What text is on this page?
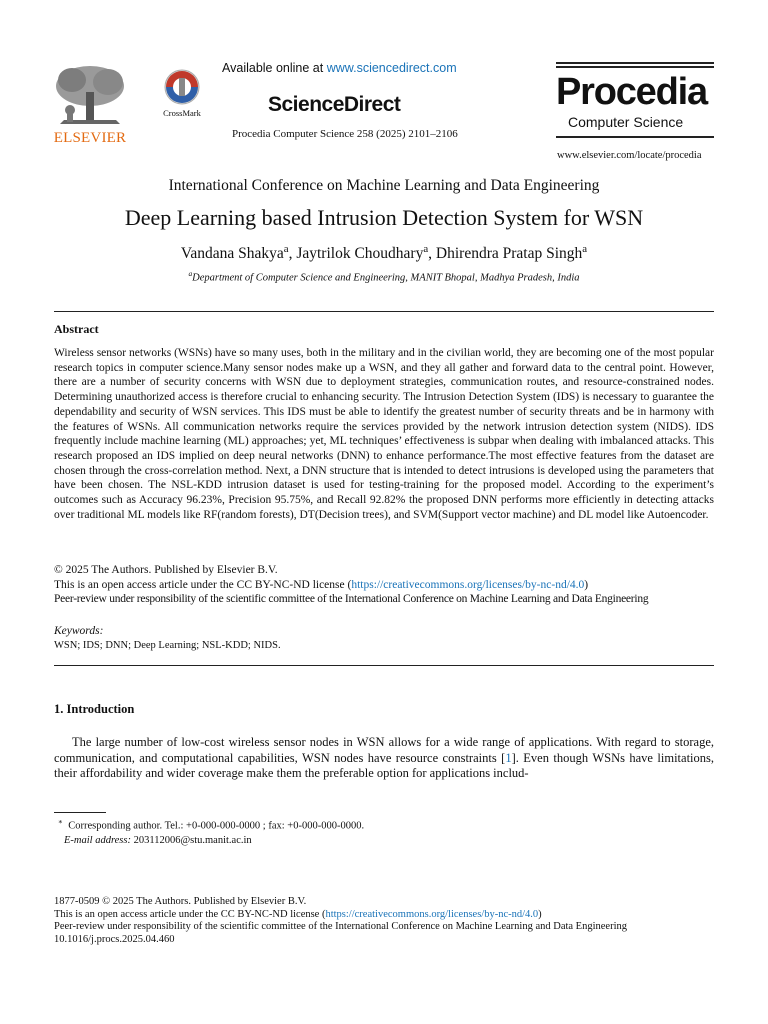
ELSEVIER
CrossMark
Available online at www.sciencedirect.com
ScienceDirect
Procedia Computer Science 258 (2025) 2101–2106
Procedia
Computer Science
www.elsevier.com/locate/procedia
International Conference on Machine Learning and Data Engineering
Deep Learning based Intrusion Detection System for WSN
Vandana Shakya$^a$, Jaytrilok Choudhary$^a$, Dhirendra Pratap Singh$^a$
$^a$Department of Computer Science and Engineering, MANIT Bhopal, Madhya Pradesh, India
Abstract
Wireless sensor networks (WSNs) have so many uses, both in the military and in the civilian world, they are becoming one of the most popular research topics in computer science.Many sensor nodes make up a WSN, and they all gather and forward data to the central point. However, there are a number of security concerns with WSN due to deployment strategies, communication routes, and resource-constrained nodes. Determining unauthorized access is therefore crucial to enhancing security. The Intrusion Detection System (IDS) is necessary to guarantee the dependability and security of WSN services. This IDS must be able to identify the greatest number of security threats and be in harmony with the features of WSNs. All communication networks require the services provided by the network intrusion detection system (NIDS). IDS frequently include machine learning (ML) approaches; yet, ML techniques’ effectiveness is subpar when dealing with imbalanced attacks. This research proposed an IDS implied on deep neural networks (DNN) to enhance performance.The most effective features from the dataset are chosen through the cross-correlation method. Next, a DNN structure that is intended to detect intrusions is developed using the parameters that have been chosen. The NSL-KDD intrusion dataset is used for testing-training for the proposed model. According to the experiment’s outcomes such as Accuracy 96.23%, Precision 95.75%, and Recall 92.82% the proposed DNN performs more efficiently in detecting attacks over traditional ML models like RF(random forests), DT(Decision trees), and SVM(Support vector machine) and DL model like Autoencoder.
© 2025 The Authors. Published by Elsevier B.V.
This is an open access article under the CC BY-NC-ND license (https://creativecommons.org/licenses/by-nc-nd/4.0)
Peer-review under responsibility of the scientific committee of the International Conference on Machine Learning and Data Engineering
Keywords:
WSN; IDS; DNN; Deep Learning; NSL-KDD; NIDS.
1. Introduction
The large number of low-cost wireless sensor nodes in WSN allows for a wide range of applications. With regard to storage, communication, and computational capabilities, WSN nodes have resource constraints [1]. Even though WSNs have limitations, their affordability and wider coverage make them the preferable option for applications includ-
∗ Corresponding author. Tel.: +0-000-000-0000 ; fax: +0-000-000-0000.
E-mail address: 203112006@stu.manit.ac.in
1877-0509 © 2025 The Authors. Published by Elsevier B.V.
This is an open access article under the CC BY-NC-ND license (https://creativecommons.org/licenses/by-nc-nd/4.0)
Peer-review under responsibility of the scientific committee of the International Conference on Machine Learning and Data Engineering
10.1016/j.procs.2025.04.460
